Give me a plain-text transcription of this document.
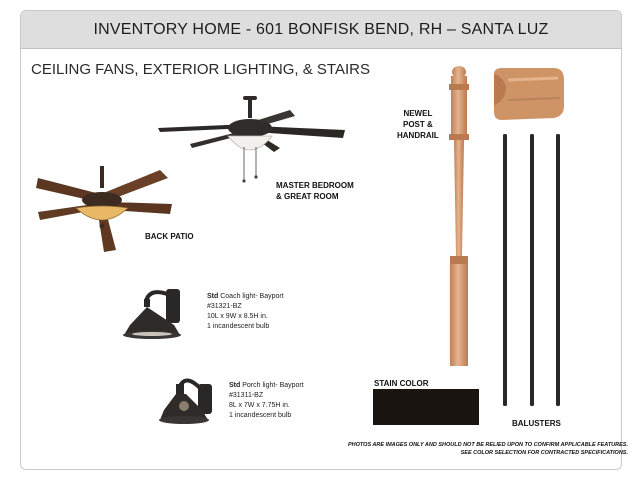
INVENTORY HOME - 601 BONFISK BEND, RH – SANTA LUZ
CEILING FANS, EXTERIOR LIGHTING, & STAIRS
MASTER BEDROOM
& GREAT ROOM
BACK PATIO
Std Coach light- Bayport
#31321-BZ
10L x 9W x 8.5H in.
1 incandescent bulb
Std Porch light- Bayport
#31311-BZ
8L x 7W x 7.75H in.
1 incandescent bulb
NEWEL
POST &
HANDRAIL
BALUSTERS
STAIN COLOR
PHOTOS ARE IMAGES ONLY AND SHOULD NOT BE RELIED UPON TO CONFIRM APPLICABLE FEATURES.
SEE COLOR SELECTION FOR CONTRACTED SPECIFICATIONS.
